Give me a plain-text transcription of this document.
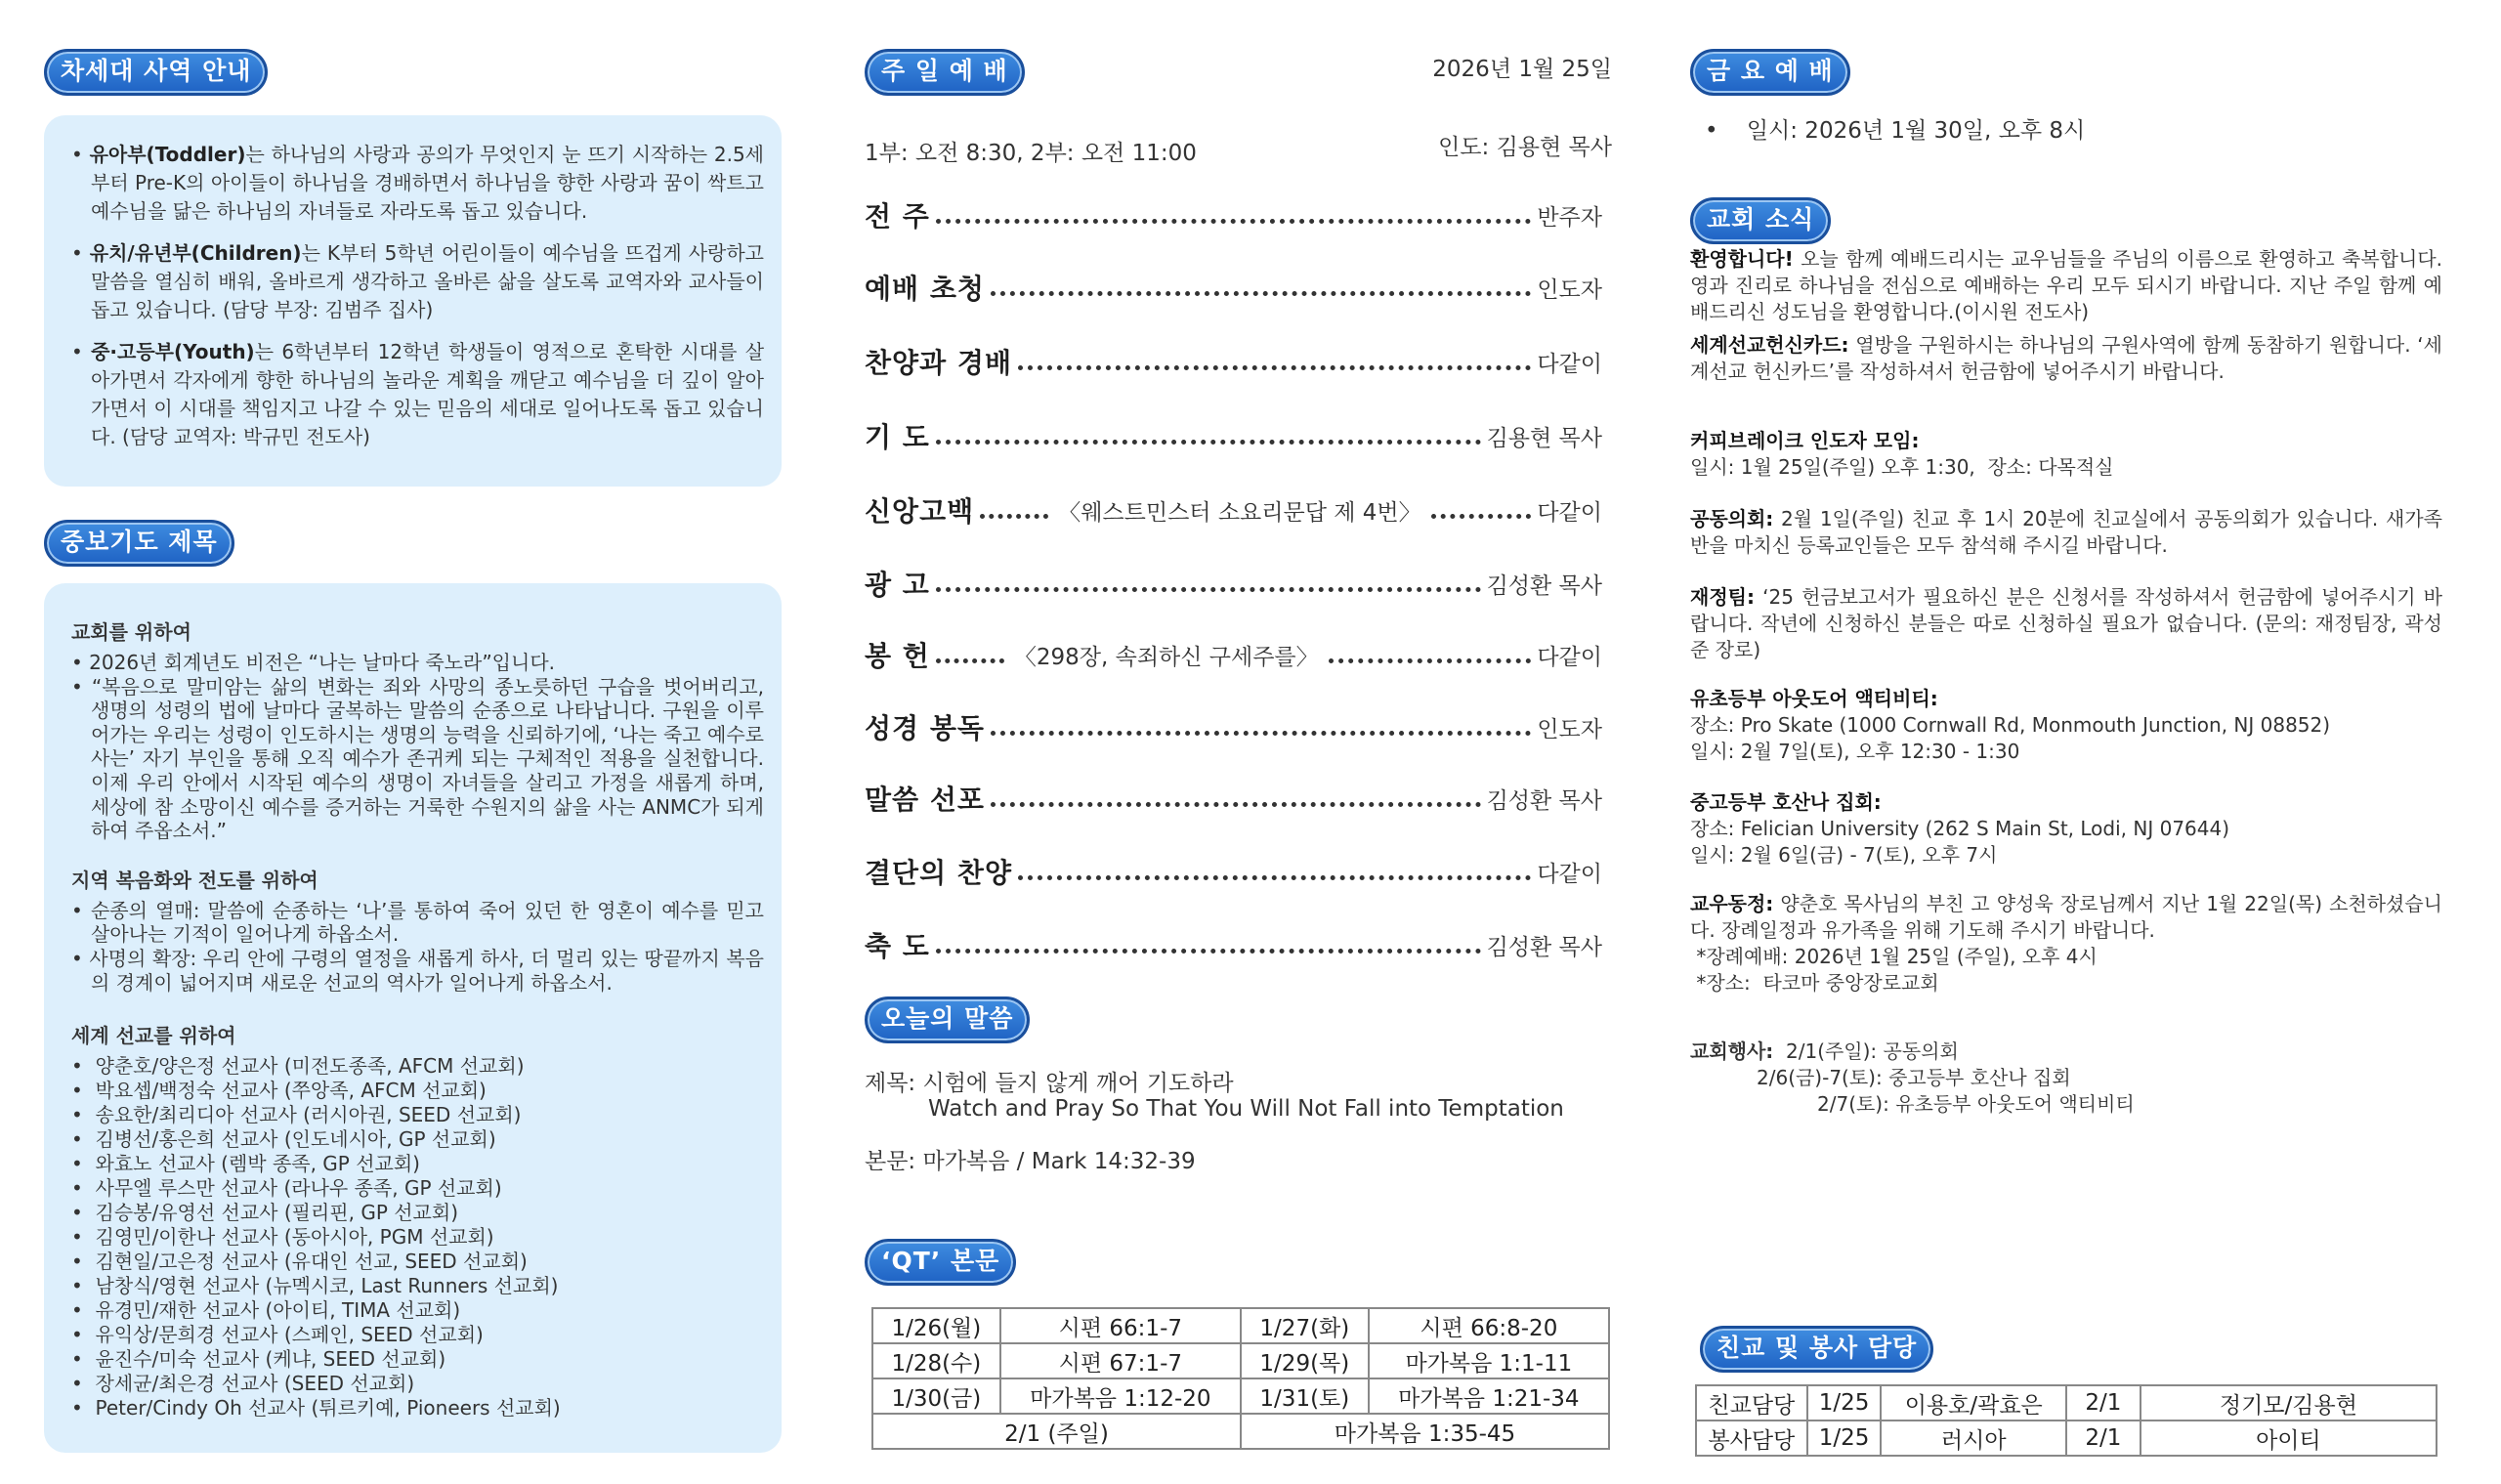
차세대 사역 안내
• 유아부(Toddler)는 하나님의 사랑과 공의가 무엇인지 눈 뜨기 시작하는 2.5세부터 Pre-K의 아이들이 하나님을 경배하면서 하나님을 향한 사랑과 꿈이 싹트고 예수님을 닮은 하나님의 자녀들로 자라도록 돕고 있습니다.
• 유치/유년부(Children)는 K부터 5학년 어린이들이 예수님을 뜨겁게 사랑하고 말씀을 열심히 배워, 올바르게 생각하고 올바른 삶을 살도록 교역자와 교사들이 돕고 있습니다. (담당 부장: 김범주 집사)
• 중·고등부(Youth)는 6학년부터 12학년 학생들이 영적으로 혼탁한 시대를 살아가면서 각자에게 향한 하나님의 놀라운 계획을 깨닫고 예수님을 더 깊이 알아가면서 이 시대를 책임지고 나갈 수 있는 믿음의 세대로 일어나도록 돕고 있습니다. (담당 교역자: 박규민 전도사)
중보기도 제목
교회를 위하여
• 2026년 회계년도 비전은 “나는 날마다 죽노라”입니다.
• “복음으로 말미암는 삶의 변화는 죄와 사망의 종노릇하던 구습을 벗어버리고, 생명의 성령의 법에 날마다 굴복하는 말씀의 순종으로 나타납니다. 구원을 이루어가는 우리는 성령이 인도하시는 생명의 능력을 신뢰하기에, ‘나는 죽고 예수로 사는’ 자기 부인을 통해 오직 예수가 존귀케 되는 구체적인 적용을 실천합니다. 이제 우리 안에서 시작된 예수의 생명이 자녀들을 살리고 가정을 새롭게 하며, 세상에 참 소망이신 예수를 증거하는 거룩한 수원지의 삶을 사는 ANMC가 되게 하여 주옵소서.”
지역 복음화와 전도를 위하여
• 순종의 열매: 말씀에 순종하는 ‘나’를 통하여 죽어 있던 한 영혼이 예수를 믿고 살아나는 기적이 일어나게 하옵소서.
• 사명의 확장: 우리 안에 구령의 열정을 새롭게 하사, 더 멀리 있는 땅끝까지 복음의 경계이 넓어지며 새로운 선교의 역사가 일어나게 하옵소서.
세계 선교를 위하여
•  양춘호/양은정 선교사 (미전도종족, AFCM 선교회)
•  박요셉/백정숙 선교사 (쭈앙족, AFCM 선교회)
•  송요한/최리디아 선교사 (러시아권, SEED 선교회)
•  김병선/홍은희 선교사 (인도네시아, GP 선교회)
•  와효노 선교사 (렘박 종족, GP 선교회)
•  사무엘 루스만 선교사 (라나우 종족, GP 선교회)
•  김승봉/유영선 선교사 (필리핀, GP 선교회)
•  김영민/이한나 선교사 (동아시아, PGM 선교회)
•  김현일/고은정 선교사 (유대인 선교, SEED 선교회)
•  남창식/영현 선교사 (뉴멕시코, Last Runners 선교회)
•  유경민/재한 선교사 (아이티, TIMA 선교회)
•  유익상/문희경 선교사 (스페인, SEED 선교회)
•  윤진수/미숙 선교사 (케냐, SEED 선교회)
•  장세균/최은경 선교사 (SEED 선교회)
•  Peter/Cindy Oh 선교사 (튀르키예, Pioneers 선교회)
주 일 예 배	2026년 1월 25일
1부: 오전 8:30, 2부: 오전 11:00	인도: 김용현 목사
전 주	반주자
예배 초청	인도자
찬양과 경배	다같이
기 도	김용현 목사
신앙고백	〈웨스트민스터 소요리문답 제 4번〉	다같이
광 고	김성환 목사
봉 헌	〈298장, 속죄하신 구세주를〉	다같이
성경 봉독	인도자
말씀 선포	김성환 목사
결단의 찬양	다같이
축 도	김성환 목사
오늘의 말씀
제목: 시험에 들지 않게 깨어 기도하라
Watch and Pray So That You Will Not Fall into Temptation
본문: 마가복음 / Mark 14:32-39
‘QT’ 본문
1/26(월)	시편 66:1-7	1/27(화)	시편 66:8-20
1/28(수)	시편 67:1-7	1/29(목)	마가복음 1:1-11
1/30(금)	마가복음 1:12-20	1/31(토)	마가복음 1:21-34
2/1 (주일)		마가복음 1:35-45	
금 요 예 배
•    일시: 2026년 1월 30일, 오후 8시
교회 소식
환영합니다! 오늘 함께 예배드리시는 교우님들을 주님의 이름으로 환영하고 축복합니다. 영과 진리로 하나님을 전심으로 예배하는 우리 모두 되시기 바랍니다. 지난 주일 함께 예배드리신 성도님을 환영합니다.(이시원 전도사)
세계선교헌신카드: 열방을 구원하시는 하나님의 구원사역에 함께 동참하기 원합니다. ‘세계선교 헌신카드’를 작성하셔서 헌금함에 넣어주시기 바랍니다.
커피브레이크 인도자 모임:
일시: 1월 25일(주일) 오후 1:30,  장소: 다목적실
공동의회: 2월 1일(주일) 친교 후 1시 20분에 친교실에서 공동의회가 있습니다. 새가족반을 마치신 등록교인들은 모두 참석해 주시길 바랍니다.
재정팀: ‘25 헌금보고서가 필요하신 분은 신청서를 작성하셔서 헌금함에 넣어주시기 바랍니다. 작년에 신청하신 분들은 따로 신청하실 필요가 없습니다. (문의: 재정팀장, 곽성준 장로)
유초등부 아웃도어 액티비티:
장소: Pro Skate (1000 Cornwall Rd, Monmouth Junction, NJ 08852)
일시: 2월 7일(토), 오후 12:30 - 1:30
중고등부 호산나 집회:
장소: Felician University (262 S Main St, Lodi, NJ 07644)
일시: 2월 6일(금) - 7(토), 오후 7시
교우동정: 양춘호 목사님의 부친 고 양성욱 장로님께서 지난 1월 22일(목) 소천하셨습니다. 장례일정과 유가족을 위해 기도해 주시기 바랍니다.
*장례예배: 2026년 1월 25일 (주일), 오후 4시
*장소:  타코마 중앙장로교회
교회행사: 2/1(주일): 공동의회
2/6(금)-7(토): 중고등부 호산나 집회
2/7(토): 유초등부 아웃도어 액티비티
친교 및 봉사 담당
친교담당	1/25	이용호/곽효은	2/1	정기모/김용현
봉사담당	1/25	러시아	2/1	아이티
